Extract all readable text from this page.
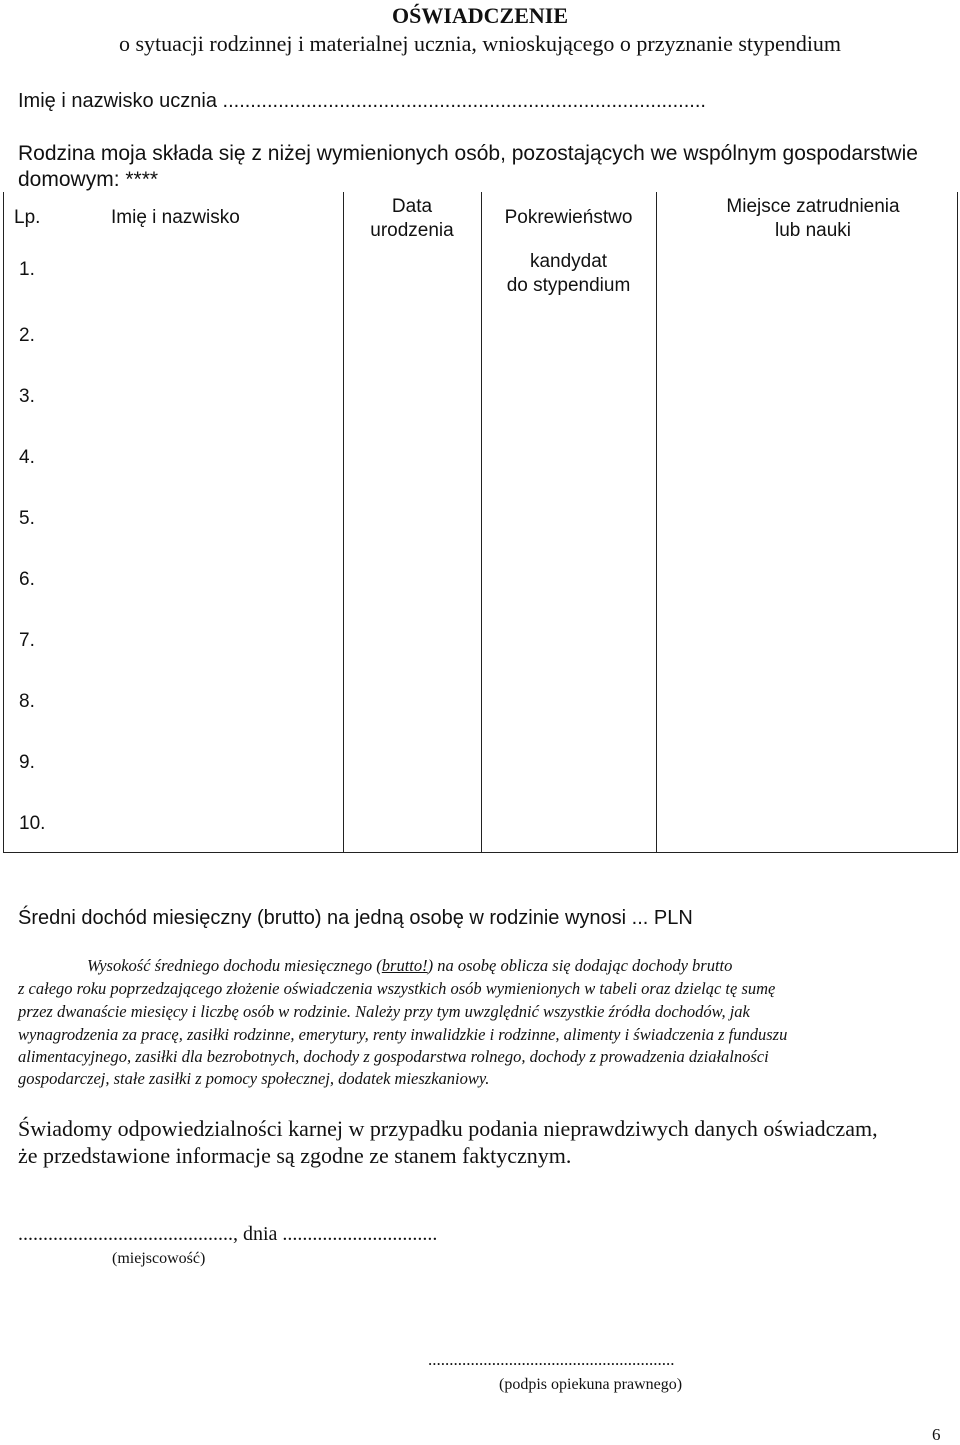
OŚWIADCZENIE
o sytuacji rodzinnej i materialnej ucznia, wnioskującego o przyznanie stypendium
Imię i nazwisko ucznia .......................................................................................
Rodzina moja składa się z niżej wymienionych osób, pozostających we wspólnym gospodarstwie
domowym: ****
Lp.	Imię i nazwisko
Data
urodzenia
Pokrewieństwo
Miejsce zatrudnienia
lub nauki
kandydat
do stypendium
1.
2.
3.
4.
5.
6.
7.
8.
9.
10.
Średni dochód miesięczny (brutto) na jedną osobę w rodzinie wynosi ... PLN
Wysokość średniego dochodu miesięcznego (brutto!) na osobę oblicza się dodając dochody brutto
z całego roku poprzedzającego złożenie oświadczenia wszystkich osób wymienionych w tabeli oraz dzieląc tę sumę
przez dwanaście miesięcy i liczbę osób w rodzinie. Należy przy tym uwzględnić wszystkie źródła dochodów, jak
wynagrodzenia za pracę, zasiłki rodzinne, emerytury, renty inwalidzkie i rodzinne, alimenty i świadczenia z funduszu
alimentacyjnego, zasiłki dla bezrobotnych, dochody z gospodarstwa rolnego, dochody z prowadzenia działalności
gospodarczej, stałe zasiłki z pomocy społecznej, dodatek mieszkaniowy.
Świadomy odpowiedzialności karnej w przypadku podania nieprawdziwych danych oświadczam,
że przedstawione informacje są zgodne ze stanem faktycznym.
..........................................., dnia ...............................
(miejscowość)
..........................................................
(podpis opiekuna prawnego)
6
